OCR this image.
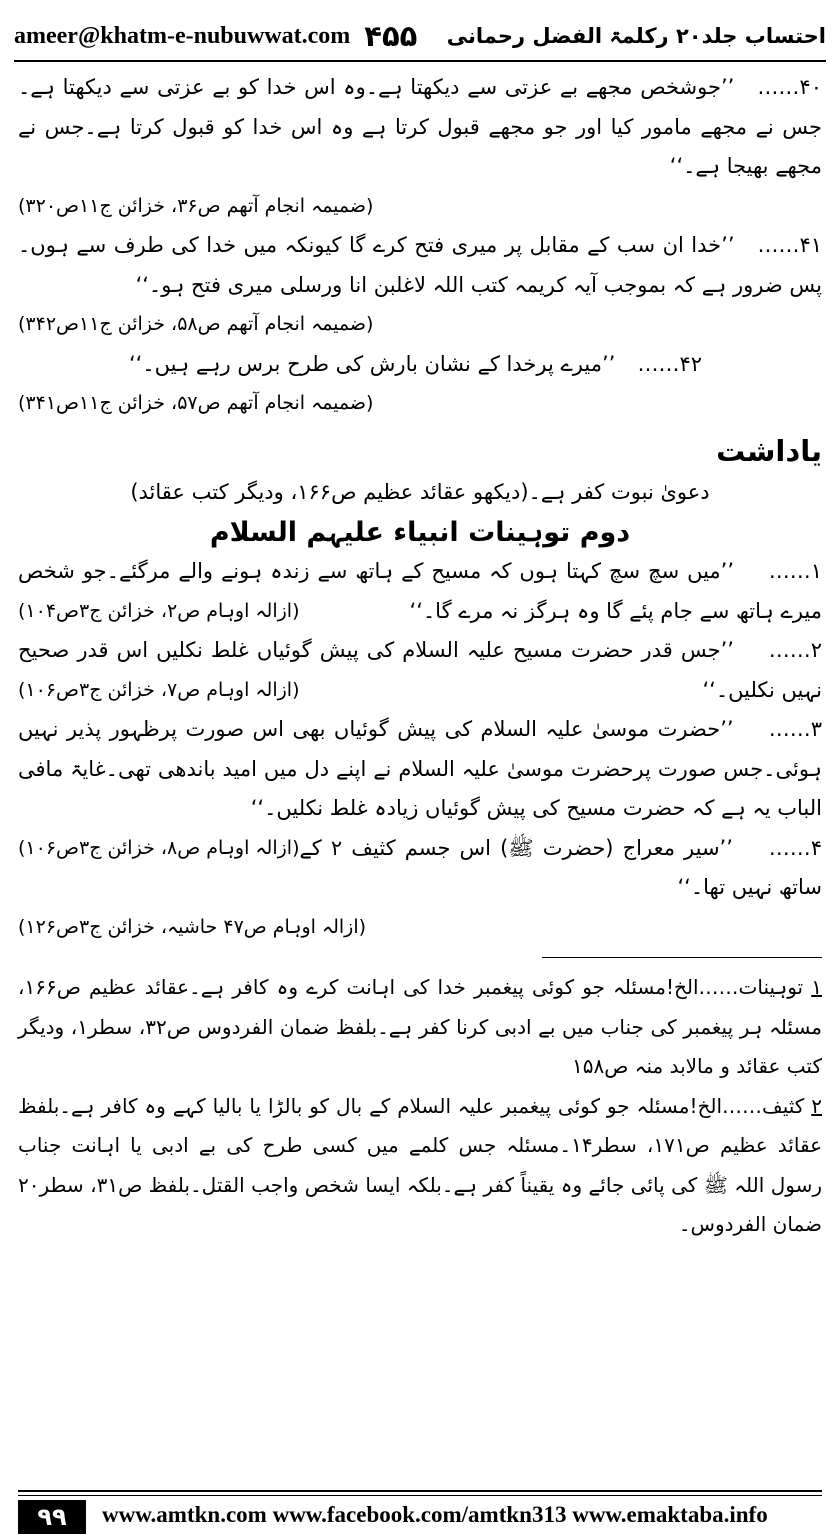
ameer@khatm-e-nubuwwat.com ۴۵۵ احتساب جلد۲۰ رکلمۃ الفضل رحمانی

۴۰…… ’’جوشخص مجھے بے عزتی سے دیکھتا ہے۔وہ اس خدا کو بے عزتی سے دیکھتا ہے۔جس نے مجھے مامور کیا اور جو مجھے قبول کرتا ہے وہ اس خدا کو قبول کرتا ہے۔جس نے مجھے بھیجا ہے۔‘‘

(ضمیمہ انجام آتھم ص۳۶، خزائن ج۱۱ص۳۲۰)

۴۱…… ’’خدا ان سب کے مقابل پر میری فتح کرے گا کیونکہ میں خدا کی طرف سے ہوں۔پس ضرور ہے کہ بموجب آیہ کریمہ کتب اللہ لاغلبن انا ورسلی میری فتح ہو۔‘‘

(ضمیمہ انجام آتھم ص۵۸، خزائن ج۱۱ص۳۴۲)

۴۲…… ’’میرے پرخدا کے نشان بارش کی طرح برس رہے ہیں۔‘‘

(ضمیمہ انجام آتھم ص۵۷، خزائن ج۱۱ص۳۴۱)

یاداشت

دعویٰ نبوت کفر ہے۔(دیکھو عقائد عظیم ص۱۶۶، ودیگر کتب عقائد)

دوم توہینات انبیاء علیہم السلام

۱…… ’’میں سچ سچ کہتا ہوں کہ مسیح کے ہاتھ سے زندہ ہونے والے مرگئے۔جو شخص میرے ہاتھ سے جام پئے گا وہ ہرگز نہ مرے گا۔‘‘
(ازالہ اوہام ص۲، خزائن ج۳ص۱۰۴)

۲…… ’’جس قدر حضرت مسیح علیہ السلام کی پیش گوئیاں غلط نکلیں اس قدر صحیح نہیں نکلیں۔‘‘
(ازالہ اوہام ص۷، خزائن ج۳ص۱۰۶)

۳…… ’’حضرت موسیٰ علیہ السلام کی پیش گوئیاں بھی اس صورت پرظہور پذیر نہیں ہوئی۔جس صورت پرحضرت موسیٰ علیہ السلام نے اپنے دل میں امید باندھی تھی۔غایۃ مافی الباب یہ ہے کہ حضرت مسیح کی پیش گوئیاں زیادہ غلط نکلیں۔‘‘
(ازالہ اوہام ص۸، خزائن ج۳ص۱۰۶)	۴…… ’’سیر معراج (حضرت ﷺ) اس جسم کثیف ۲ کے ساتھ نہیں تھا۔‘‘

(ازالہ اوہام ص۴۷ حاشیہ، خزائن ج۳ص۱۲۶)

۱ توہینات……الخ!مسئلہ جو کوئی پیغمبر خدا کی اہانت کرے وہ کافر ہے۔عقائد عظیم ص۱۶۶، مسئلہ ہر پیغمبر کی جناب میں بے ادبی کرنا کفر ہے۔بلفظ ضمان الفردوس ص۳۲، سطر۱، ودیگر کتب عقائد و مالابد منہ ص۱۵۸

۲ کثیف……الخ!مسئلہ جو کوئی پیغمبر علیہ السلام کے بال کو بالڑا یا بالیا کہے وہ کافر ہے۔بلفظ عقائد عظیم ص۱۷۱، سطر۱۴۔مسئلہ جس کلمے میں کسی طرح کی بے ادبی یا اہانت جناب رسول اللہ ﷺ کی پائی جائے وہ یقیناً کفر ہے۔بلکہ ایسا شخص واجب القتل۔بلفظ ص۳۱، سطر۲۰ ضمان الفردوس۔

۹۹	www.amtkn.com www.facebook.com/amtkn313 www.emaktaba.info
